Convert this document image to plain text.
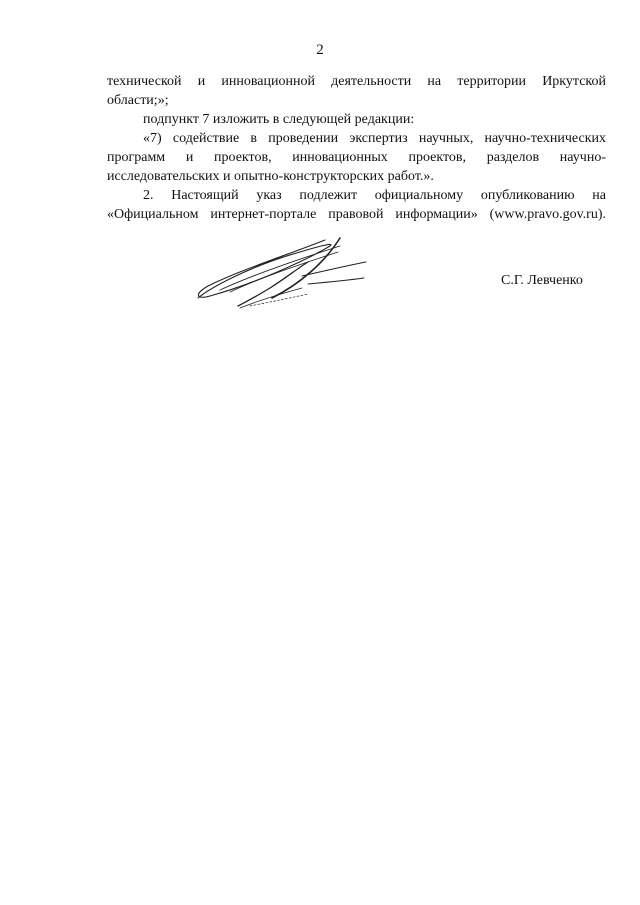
2
технической и инновационной деятельности на территории Иркутской
области;»;
подпункт 7 изложить в следующей редакции:
«7) содействие в проведении экспертиз научных, научно-технических
программ и проектов, инновационных проектов, разделов научно-
исследовательских и опытно-конструкторских работ.».
2. Настоящий указ подлежит официальному опубликованию на
«Официальном интернет-портале правовой информации» (www.pravo.gov.ru).
С.Г. Левченко
